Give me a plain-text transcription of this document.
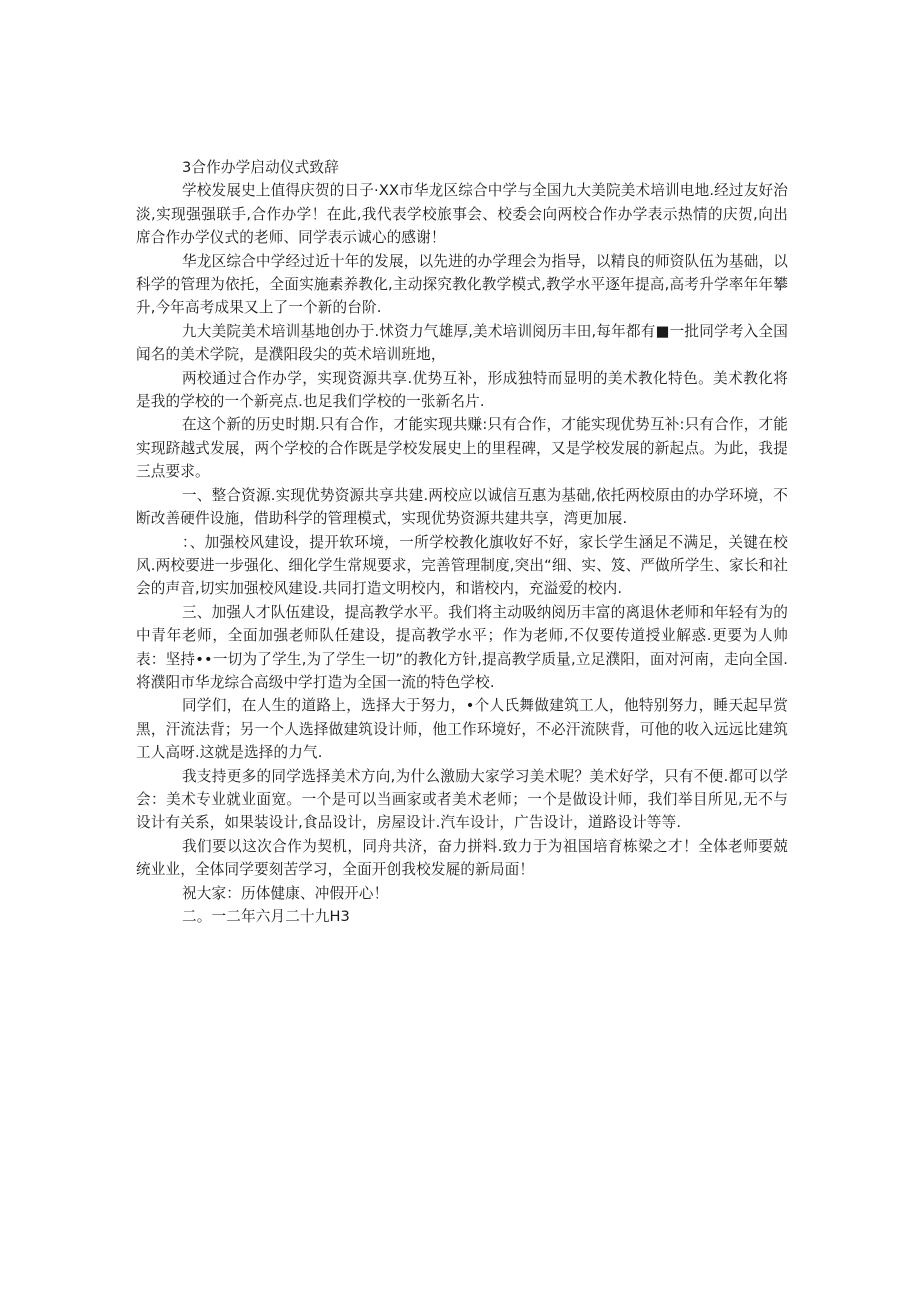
3合作办学启动仪式致辞

学校发展史上值得庆贺的日子·XX市华龙区综合中学与全国九大美院美术培训电地.经过友好治淡,实现强强联手,合作办学！在此,我代表学校旅事会、校委会向两校合作办学表示热情的庆贺,向出席合作办学仪式的老师、同学表示诚心的感谢！

华龙区综合中学经过近十年的发展，以先进的办学理会为指导，以精良的师资队伍为基础，以科学的管理为依托，全面实施素养教化,主动探究教化教学模式,教学水平逐年提高,高考升学率年年攀升,今年高考成果又上了一个新的台阶.

九大美院美术培训基地创办于.怵资力气雄厚,美术培训阅历丰田,每年都有■一批同学考入全国闻名的美术学院，是濮阳段尖的英术培训班地，

两校通过合作办学，实现资源共享.优势互补，形成独特而显明的美术教化特色。美术教化将是我的学校的一个新亮点.也足我们学校的一张新名片.

在这个新的历史时期.只有合作，才能实现共赚:只有合作，才能实现优势互补:只有合作，才能实现跻越式发展，两个学校的合作既是学校发展史上的里程碑，又是学校发展的新起点。为此，我提三点要求。

一、整合资源.实现优势资源共享共建.两校应以诚信互惠为基础,依托两校原由的办学环境，不断改善硬件设施，借助科学的管理模式，实现优势资源共建共享，湾更加展.

：、加强校风建设，提开软环境，一所学校教化旗收好不好，家长学生涵足不满足，关键在校风.两校要进一步强化、细化学生常规要求，完善管理制度,突出“细、实、笈、严做所学生、家长和社会的声音,切实加强校风建设.共同打造文明校内，和谐校内，充溢爱的校内.

三、加强人才队伍建设，提高教学水平。我们将主动吸纳阅历丰富的离退休老师和年轻有为的中青年老师，全面加强老师队任建设，提高教学水平；作为老师,不仅要传道授业解惑.更要为人帅表：坚持••一切为了学生,为了学生一切”的教化方针,提高教学质量,立足濮阳，面对河南，走向全国.将濮阳市华龙综合高级中学打造为全国一流的特色学校.

同学们，在人生的道路上，选择大于努力，•个人氏舞做建筑工人，他特别努力，睡天起早赏黑，汗流法背；另一个人选择做建筑设计师，他工作环境好，不必汗流陕背，可他的收入远远比建筑工人高呀.这就是选择的力气.

我支持更多的同学选择美术方向,为什么激励大家学习美术呢？美术好学，只有不便.都可以学会：美术专业就业面宽。一个是可以当画家或者美术老师；一个是做设计师，我们举目所见,无不与设计有关系，如果装设计,食品设计，房屋设计.汽车设计，广告设计，道路设计等等.

我们要以这次合作为契机，同舟共济，奋力拼料.致力于为祖国培育栋梁之才！全体老师要兢统业业，全体同学要刻苦学习，全面开创我校发屣的新局面！

祝大家：历体健康、冲假开心！

二。一二年六月二十九H3
